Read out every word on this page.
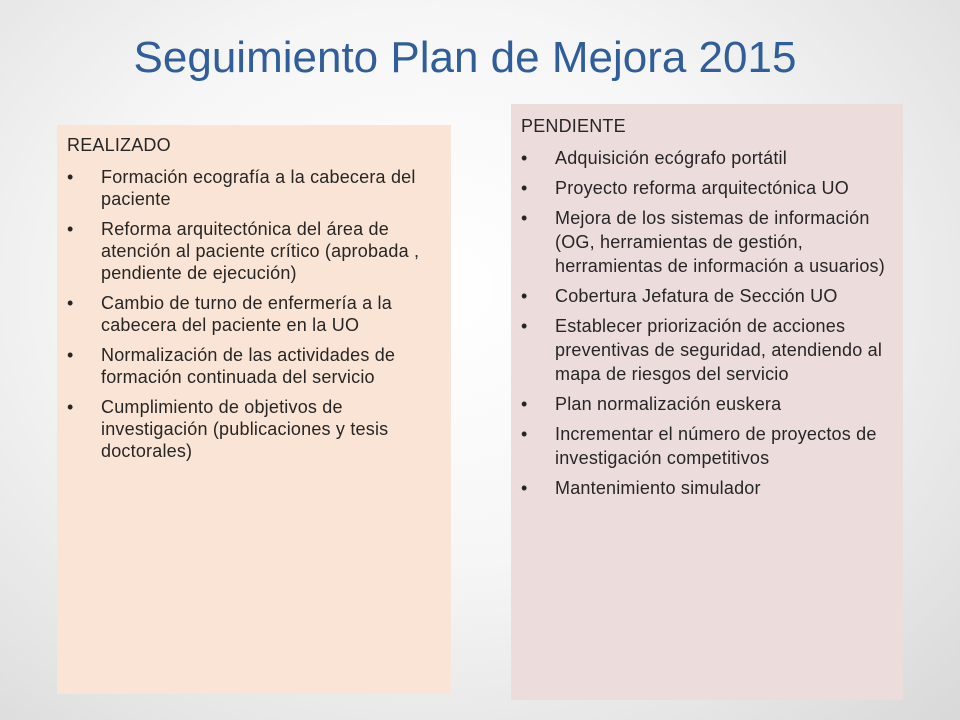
Seguimiento Plan de Mejora 2015
REALIZADO
•	Formación ecografía a la cabecera del paciente
•	Reforma arquitectónica del área de atención al paciente crítico (aprobada , pendiente de ejecución)
•	Cambio de turno de enfermería a la cabecera del paciente en la UO
•	Normalización de las actividades de formación continuada del servicio
•	Cumplimiento de objetivos de investigación (publicaciones y tesis doctorales)
PENDIENTE
•	Adquisición ecógrafo portátil
•	Proyecto reforma arquitectónica UO
•	Mejora de los sistemas de información (OG, herramientas de gestión, herramientas de información a usuarios)
•	Cobertura Jefatura de Sección UO
•	Establecer priorización de acciones preventivas de seguridad, atendiendo al mapa de riesgos del servicio
•	Plan normalización euskera
•	Incrementar el número de proyectos de investigación competitivos
•	Mantenimiento simulador
